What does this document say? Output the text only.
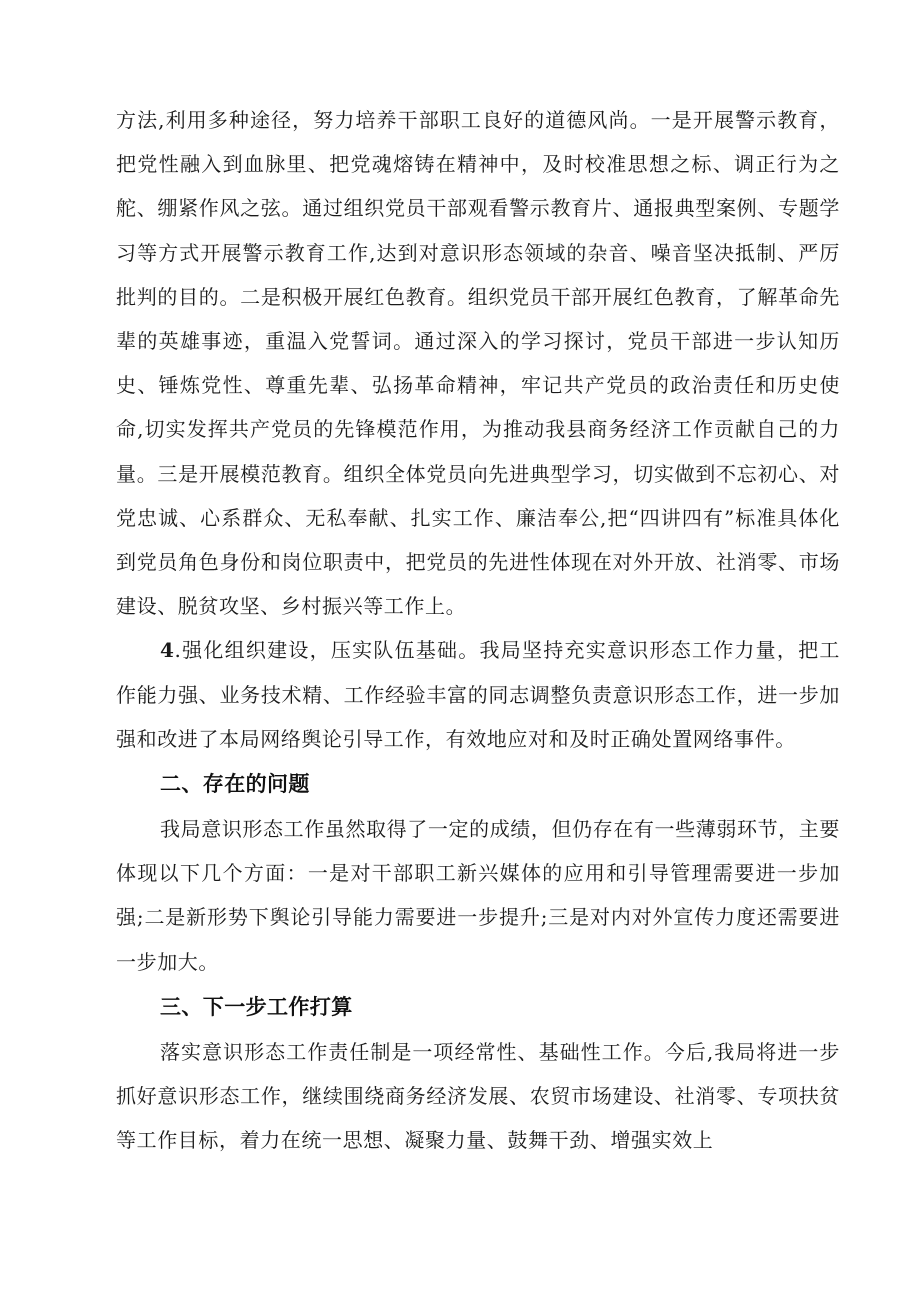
方法,利用多种途径，努力培养干部职工良好的道德风尚。一是开展警示教育，把党性融入到血脉里、把党魂熔铸在精神中，及时校准思想之标、调正行为之舵、绷紧作风之弦。通过组织党员干部观看警示教育片、通报典型案例、专题学习等方式开展警示教育工作,达到对意识形态领域的杂音、噪音坚决抵制、严厉批判的目的。二是积极开展红色教育。组织党员干部开展红色教育，了解革命先辈的英雄事迹，重温入党誓词。通过深入的学习探讨，党员干部进一步认知历史、锤炼党性、尊重先辈、弘扬革命精神，牢记共产党员的政治责任和历史使命,切实发挥共产党员的先锋模范作用，为推动我县商务经济工作贡献自己的力量。三是开展模范教育。组织全体党员向先进典型学习，切实做到不忘初心、对党忠诚、心系群众、无私奉献、扎实工作、廉洁奉公,把“四讲四有”标准具体化到党员角色身份和岗位职责中，把党员的先进性体现在对外开放、社消零、市场建设、脱贫攻坚、乡村振兴等工作上。

4.强化组织建设，压实队伍基础。我局坚持充实意识形态工作力量，把工作能力强、业务技术精、工作经验丰富的同志调整负责意识形态工作，进一步加强和改进了本局网络舆论引导工作，有效地应对和及时正确处置网络事件。

二、存在的问题

我局意识形态工作虽然取得了一定的成绩，但仍存在有一些薄弱环节，主要体现以下几个方面：一是对干部职工新兴媒体的应用和引导管理需要进一步加强;二是新形势下舆论引导能力需要进一步提升;三是对内对外宣传力度还需要进一步加大。

三、下一步工作打算

落实意识形态工作责任制是一项经常性、基础性工作。今后,我局将进一步抓好意识形态工作，继续围绕商务经济发展、农贸市场建设、社消零、专项扶贫等工作目标，着力在统一思想、凝聚力量、鼓舞干劲、增强实效上
